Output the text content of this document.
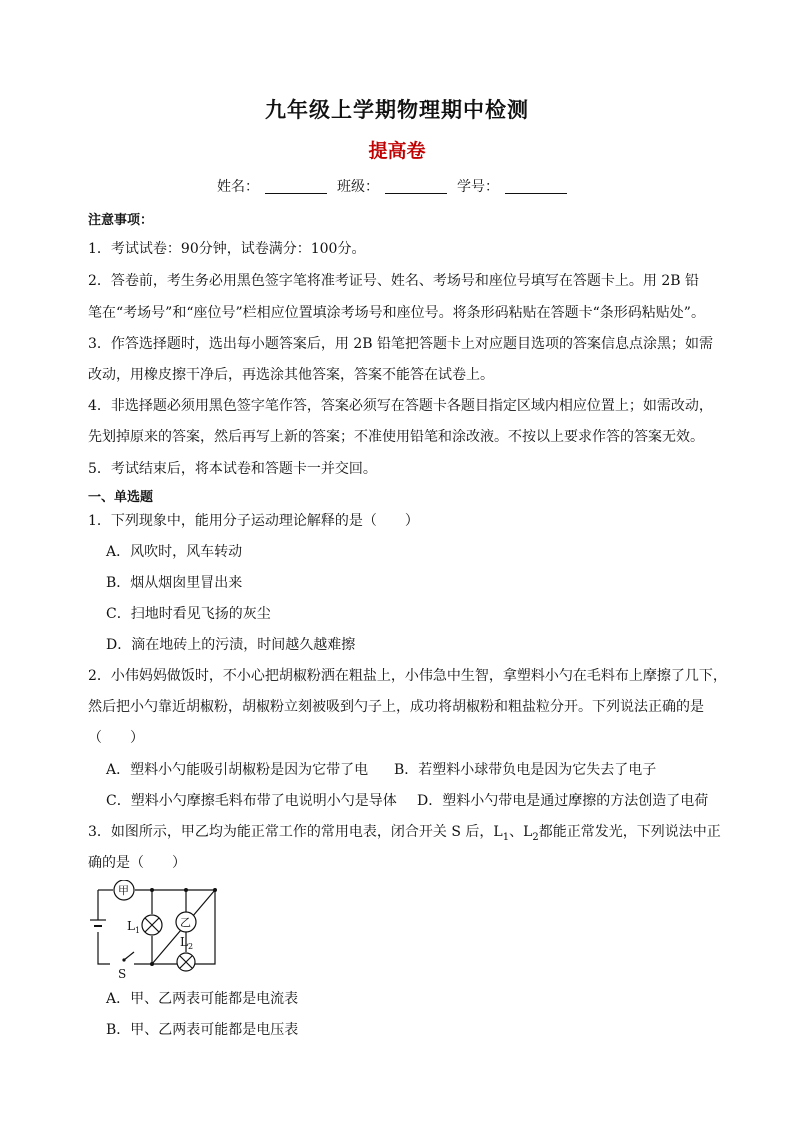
九年级上学期物理期中检测
提高卷
姓名：	班级：	学号：
注意事项：
1．考试试卷：90分钟，试卷满分：100分。
2．答卷前，考生务必用黑色签字笔将准考证号、姓名、考场号和座位号填写在答题卡上。用 2B 铅
笔在“考场号”和“座位号”栏相应位置填涂考场号和座位号。将条形码粘贴在答题卡“条形码粘贴处”。
3．作答选择题时，选出每小题答案后，用 2B 铅笔把答题卡上对应题目选项的答案信息点涂黑；如需
改动，用橡皮擦干净后，再选涂其他答案，答案不能答在试卷上。
4．非选择题必须用黑色签字笔作答，答案必须写在答题卡各题目指定区域内相应位置上；如需改动，
先划掉原来的答案，然后再写上新的答案；不准使用铅笔和涂改液。不按以上要求作答的答案无效。
5．考试结束后，将本试卷和答题卡一并交回。
一、单选题
1．下列现象中，能用分子运动理论解释的是（　　）
A．风吹时，风车转动
B．烟从烟囱里冒出来
C．扫地时看见飞扬的灰尘
D．滴在地砖上的污渍，时间越久越难擦
2．小伟妈妈做饭时，不小心把胡椒粉洒在粗盐上，小伟急中生智，拿塑料小勺在毛料布上摩擦了几下，
然后把小勺靠近胡椒粉，胡椒粉立刻被吸到勺子上，成功将胡椒粉和粗盐粒分开。下列说法正确的是
（　　）
A．塑料小勺能吸引胡椒粉是因为它带了电 B．若塑料小球带负电是因为它失去了电子
C．塑料小勺摩擦毛料布带了电说明小勺是导体 D．塑料小勺带电是通过摩擦的方法创造了电荷
3．如图所示，甲乙均为能正常工作的常用电表，闭合开关 S 后，$L_1$、$L_2$都能正常发光，下列说法中正
确的是（　　）
甲
乙
$L_1$
$L_2$
S
A．甲、乙两表可能都是电流表
B．甲、乙两表可能都是电压表
